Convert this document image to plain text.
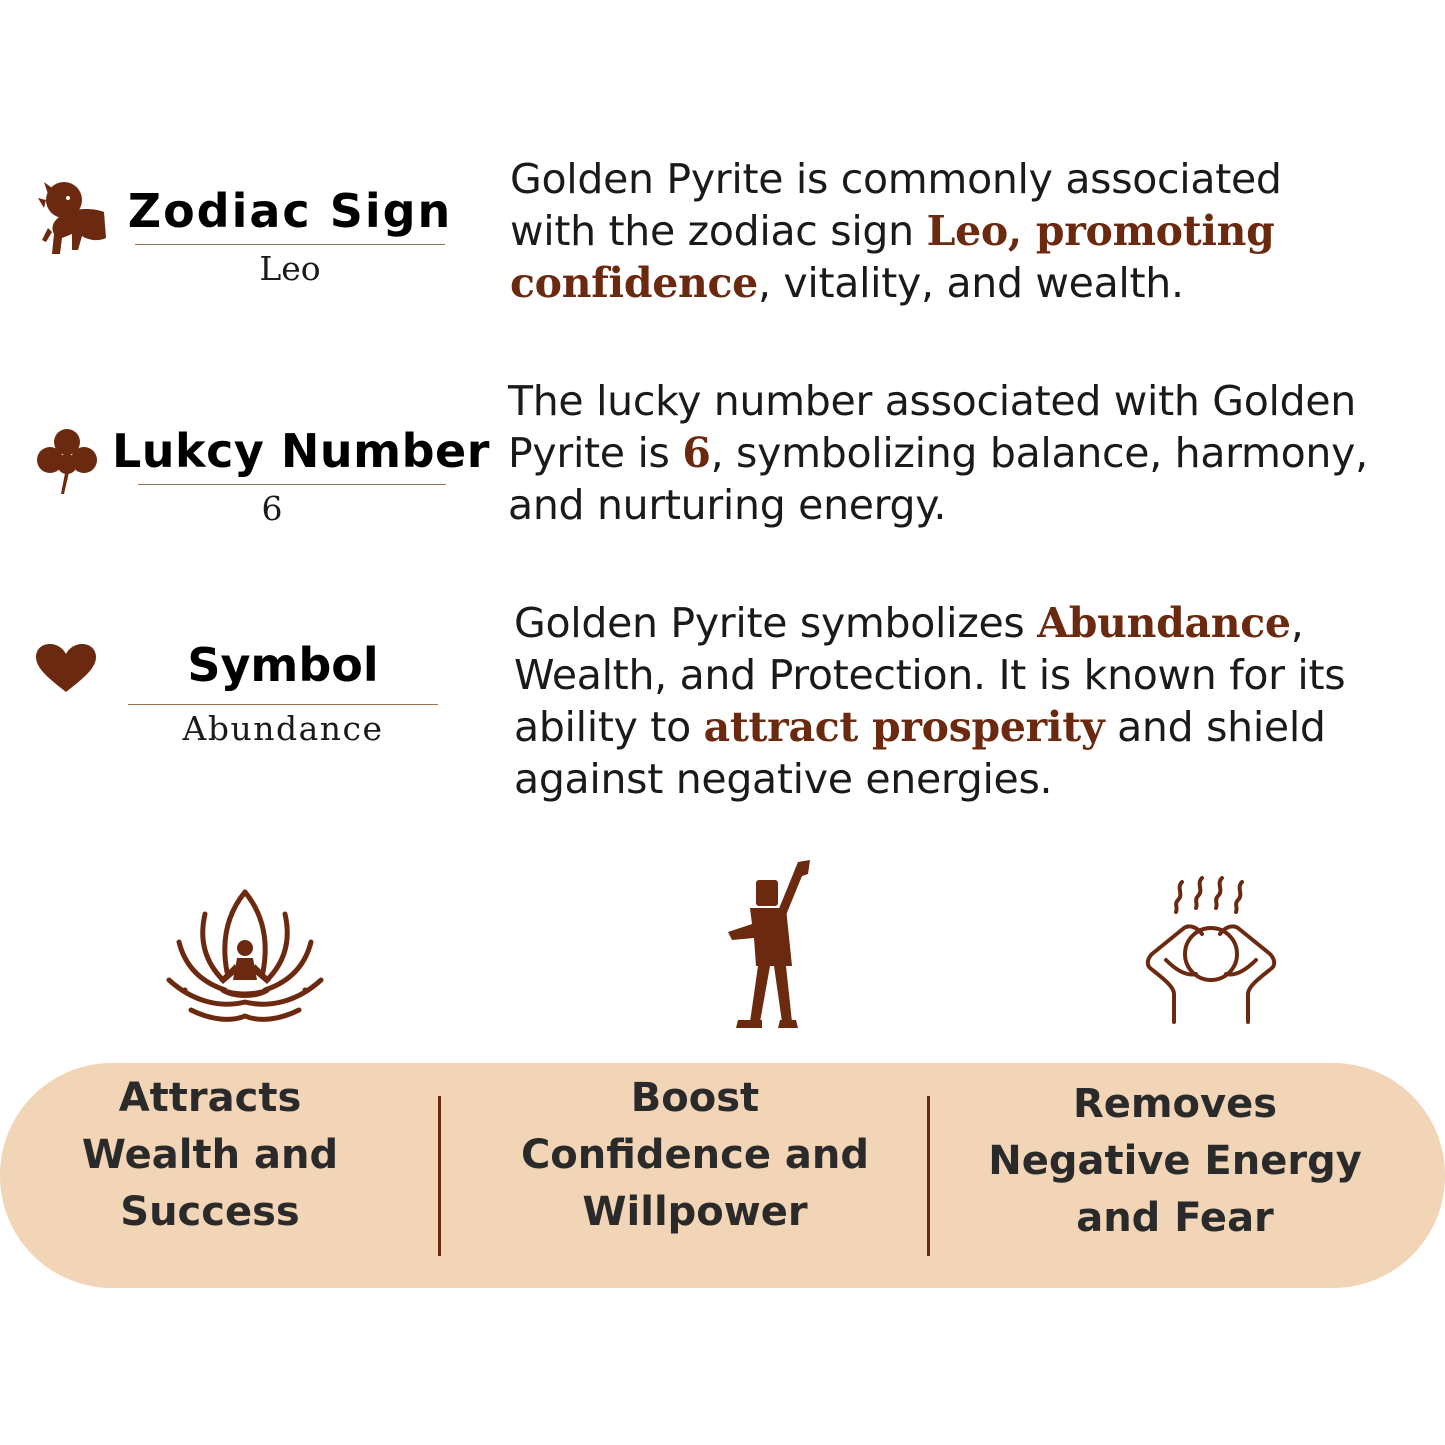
Zodiac Sign
Leo
Golden Pyrite is commonly associated with the zodiac sign Leo, promoting confidence, vitality, and wealth.
Lukcy Number
6
The lucky number associated with Golden Pyrite is 6, symbolizing balance, harmony, and nurturing energy.
Symbol
Abundance
Golden Pyrite symbolizes Abundance, Wealth, and Protection. It is known for its ability to attract prosperity and shield against negative energies.
Attracts
Wealth and
Success
Boost
Confidence and
Willpower
Removes
Negative Energy
and Fear
